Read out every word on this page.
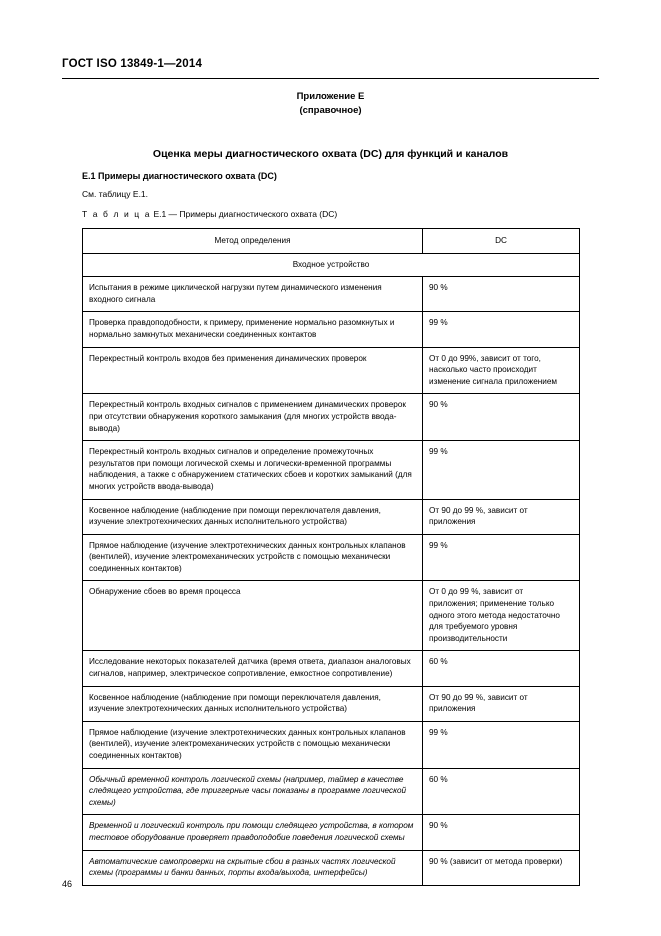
ГОСТ ISO 13849-1—2014
Приложение Е
(справочное)
Оценка меры диагностического охвата (DC) для функций и каналов
Е.1 Примеры диагностического охвата (DC)
См. таблицу Е.1.
Т а б л и ц а Е.1 — Примеры диагностического охвата (DC)
Метод определения	DC
Входное устройство	
Испытания в режиме циклической нагрузки путем динамического изменения входного сигнала	90 %
Проверка правдоподобности, к примеру, применение нормально разомкнутых и нормально замкнутых механически соединенных контактов	99 %
Перекрестный контроль входов без применения динамических проверок	От 0 до 99%, зависит от того, насколько часто происходит изменение сигнала приложением
Перекрестный контроль входных сигналов с применением динамических проверок при отсутствии обнаружения короткого замыкания (для многих устройств ввода-вывода)	90 %
Перекрестный контроль входных сигналов и определение промежуточных результатов при помощи логической схемы и логически-временной программы наблюдения, а также с обнаружением статических сбоев и коротких замыканий (для многих устройств ввода-вывода)	99 %
Косвенное наблюдение (наблюдение при помощи переключателя давления, изучение электротехнических данных исполнительного устройства)	От 90 до 99 %, зависит от приложения
Прямое наблюдение (изучение электротехнических данных контрольных клапанов (вентилей), изучение электромеханических устройств с помощью механически соединенных контактов)	99 %
Обнаружение сбоев во время процесса	От 0 до 99 %, зависит от приложения; применение только одного этого метода недостаточно для требуемого уровня производительности
Исследование некоторых показателей датчика (время ответа, диапазон аналоговых сигналов, например, электрическое сопротивление, емкостное сопротивление)	60 %
Косвенное наблюдение (наблюдение при помощи переключателя давления, изучение электротехнических данных исполнительного устройства)	От 90 до 99 %, зависит от приложения
Прямое наблюдение (изучение электротехнических данных контрольных клапанов (вентилей), изучение электромеханических устройств с помощью механически соединенных контактов)	99 %
Обычный временной контроль логической схемы (например, таймер в качестве следящего устройства, где триггерные часы показаны в программе логической схемы)	60 %
Временной и логический контроль при помощи следящего устройства, в котором тестовое оборудование проверяет правдоподобие поведения логической схемы	90 %
Автоматические самопроверки на скрытые сбои в разных частях логической схемы (программы и банки данных, порты входа/выхода, интерфейсы)	90 % (зависит от метода проверки)
46
